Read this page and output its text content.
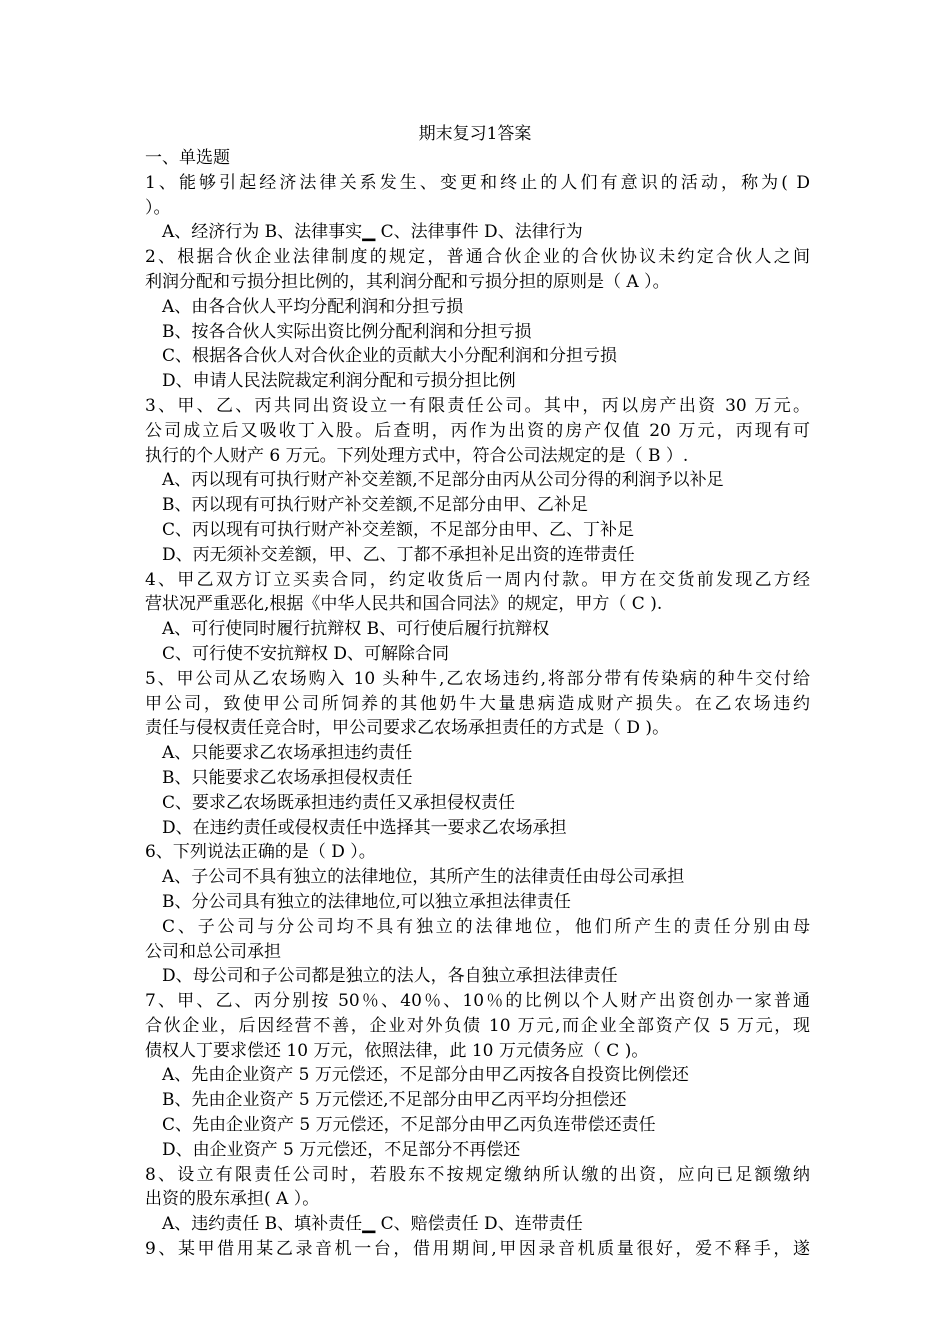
期末复习1答案
一、单选题
1、能够引起经济法律关系发生、变更和终止的人们有意识的活动，称为( D
）。
A、经济行为 B、法律事实▁ C、法律事件 D、法律行为
2、根据合伙企业法律制度的规定，普通合伙企业的合伙协议未约定合伙人之间
利润分配和亏损分担比例的，其利润分配和亏损分担的原则是（ A ）。
A、由各合伙人平均分配利润和分担亏损
B、按各合伙人实际出资比例分配利润和分担亏损
C、根据各合伙人对合伙企业的贡献大小分配利润和分担亏损
D、申请人民法院裁定利润分配和亏损分担比例
3、甲、乙、丙共同出资设立一有限责任公司。其中，丙以房产出资 30 万元。
公司成立后又吸收丁入股。后查明，丙作为出资的房产仅值 20 万元，丙现有可
执行的个人财产 6 万元。下列处理方式中，符合公司法规定的是（ B ）.
A、丙以现有可执行财产补交差额,不足部分由丙从公司分得的利润予以补足
B、丙以现有可执行财产补交差额,不足部分由甲、乙补足
C、丙以现有可执行财产补交差额，不足部分由甲、乙、丁补足
D、丙无须补交差额，甲、乙、丁都不承担补足出资的连带责任
4、甲乙双方订立买卖合同，约定收货后一周内付款。甲方在交货前发现乙方经
营状况严重恶化,根据《中华人民共和国合同法》的规定，甲方（ C ).
A、可行使同时履行抗辩权 B、可行使后履行抗辩权
C、可行使不安抗辩权 D、可解除合同
5、甲公司从乙农场购入 10 头种牛,乙农场违约,将部分带有传染病的种牛交付给
甲公司，致使甲公司所饲养的其他奶牛大量患病造成财产损失。在乙农场违约
责任与侵权责任竞合时，甲公司要求乙农场承担责任的方式是（ D )。
A、只能要求乙农场承担违约责任
B、只能要求乙农场承担侵权责任
C、要求乙农场既承担违约责任又承担侵权责任
D、在违约责任或侵权责任中选择其一要求乙农场承担
6、下列说法正确的是（ D ）。
A、子公司不具有独立的法律地位，其所产生的法律责任由母公司承担
B、分公司具有独立的法律地位,可以独立承担法律责任
C、子公司与分公司均不具有独立的法律地位，他们所产生的责任分别由母
公司和总公司承担
D、母公司和子公司都是独立的法人，各自独立承担法律责任
7、甲、乙、丙分别按 50％、40％、10％的比例以个人财产出资创办一家普通
合伙企业，后因经营不善，企业对外负债 10 万元,而企业全部资产仅 5 万元，现
债权人丁要求偿还 10 万元，依照法律，此 10 万元债务应（ C )。
A、先由企业资产 5 万元偿还，不足部分由甲乙丙按各自投资比例偿还
B、先由企业资产 5 万元偿还,不足部分由甲乙丙平均分担偿还
C、先由企业资产 5 万元偿还，不足部分由甲乙丙负连带偿还责任
D、由企业资产 5 万元偿还，不足部分不再偿还
8、设立有限责任公司时，若股东不按规定缴纳所认缴的出资，应向已足额缴纳
出资的股东承担( A ）。
A、违约责任 B、填补责任▁ C、赔偿责任 D、连带责任
9、某甲借用某乙录音机一台，借用期间,甲因录音机质量很好，爱不释手，遂
